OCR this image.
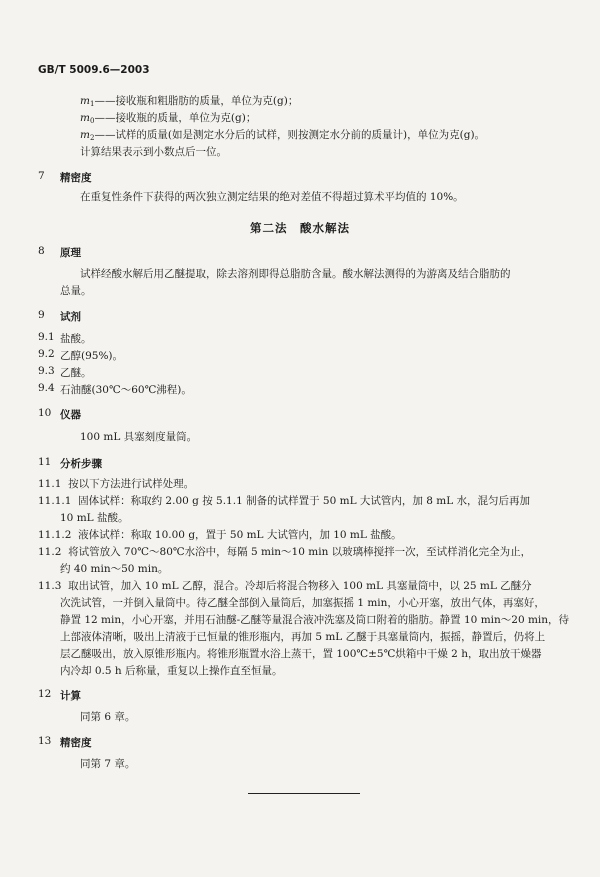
GB/T 5009.6—2003
$m_1——$接收瓶和粗脂肪的质量，单位为克(g)；
$m_0——$接收瓶的质量，单位为克(g)；
$m_2——$试样的质量(如是测定水分后的试样，则按测定水分前的质量计)，单位为克(g)。
计算结果表示到小数点后一位。
7 精密度
在重复性条件下获得的两次独立测定结果的绝对差值不得超过算术平均值的 10%。
第二法　酸水解法
8 原理
试样经酸水解后用乙醚提取，除去溶剂即得总脂肪含量。酸水解法测得的为游离及结合脂肪的
总量。
9 试剂
9.1 盐酸。
9.2 乙醇(95%)。
9.3 乙醚。
9.4 石油醚(30℃～60℃沸程)。
10 仪器
100 mL 具塞刻度量筒。
11 分析步骤
11.1 按以下方法进行试样处理。
11.1.1 固体试样：称取约 2.00 g 按 5.1.1 制备的试样置于 50 mL 大试管内，加 8 mL 水，混匀后再加
10 mL 盐酸。
11.1.2 液体试样：称取 10.00 g，置于 50 mL 大试管内，加 10 mL 盐酸。
11.2 将试管放入 70℃～80℃水浴中，每隔 5 min～10 min 以玻璃棒搅拌一次，至试样消化完全为止，
约 40 min～50 min。
11.3 取出试管，加入 10 mL 乙醇，混合。冷却后将混合物移入 100 mL 具塞量筒中，以 25 mL 乙醚分
次洗试管，一并倒入量筒中。待乙醚全部倒入量筒后，加塞振摇 1 min，小心开塞，放出气体，再塞好，
静置 12 min，小心开塞，并用石油醚-乙醚等量混合液冲洗塞及筒口附着的脂肪。静置 10 min～20 min，待
上部液体清晰，吸出上清液于已恒量的锥形瓶内，再加 5 mL 乙醚于具塞量筒内，振摇，静置后，仍将上
层乙醚吸出，放入原锥形瓶内。将锥形瓶置水浴上蒸干，置 100℃±5℃烘箱中干燥 2 h，取出放干燥器
内冷却 0.5 h 后称量，重复以上操作直至恒量。
12 计算
同第 6 章。
13 精密度
同第 7 章。
